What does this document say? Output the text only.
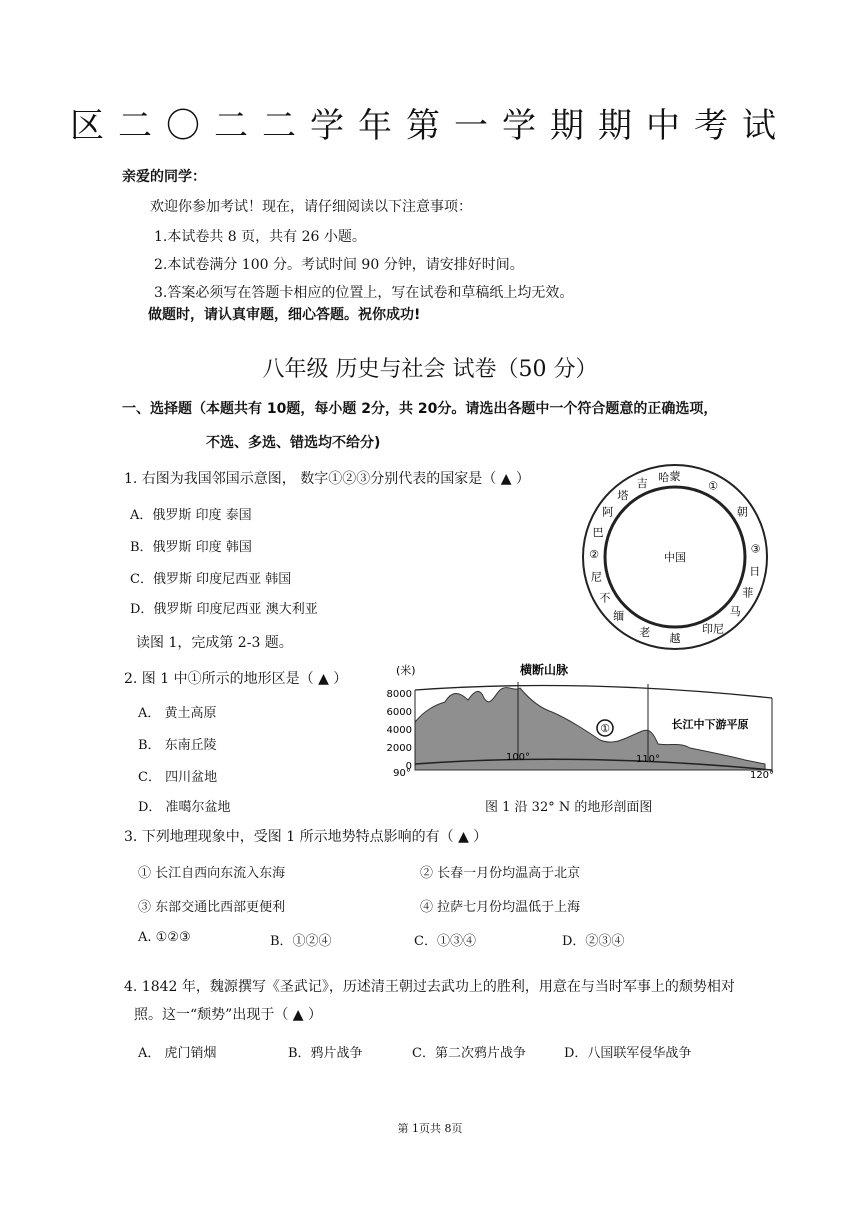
区二〇二二学年第一学期期中考试
亲爱的同学：
欢迎你参加考试！现在，请仔细阅读以下注意事项：
1.本试卷共 8 页，共有 26 小题。
2.本试卷满分 100 分。考试时间 90 分钟，请安排好时间。
3.答案必须写在答题卡相应的位置上，写在试卷和草稿纸上均无效。
做题时，请认真审题，细心答题。祝你成功!
八年级 历史与社会 试卷（50 分）
一、选择题（本题共有 10题，每小题 2分，共 20分。请选出各题中一个符合题意的正确选项，
不选、多选、错选均不给分)
1. 右图为我国邻国示意图， 数字①②③分别代表的国家是（ ▲ ）
A．俄罗斯 印度 泰国
B．俄罗斯 印度 韩国
C．俄罗斯 印度尼西亚 韩国
D．俄罗斯 印度尼西亚 澳大利亚
中国
蒙
①
朝
③
日
菲
马
印尼
越
老
缅
不
尼
②
巴
阿
塔
吉 哈
读图 1，完成第 2-3 题。
2. 图 1 中①所示的地形区是（ ▲ ）
A． 黄土高原
B． 东南丘陵
C． 四川盆地
D． 准噶尔盆地
(米)	横断山脉
①	长江中下游平原
8000
6000
4000
2000
0
90°
100°	110°
120°
图 1 沿 32° N 的地形剖面图
3. 下列地理现象中，受图 1 所示地势特点影响的有（ ▲ ）
① 长江自西向东流入东海	② 长春一月份均温高于北京
③ 东部交通比西部更便利	④ 拉萨七月份均温低于上海
A. ①②③	B．①②④	C．①③④	D．②③④
4. 1842 年，魏源撰写《圣武记》，历述清王朝过去武功上的胜利，用意在与当时军事上的颓势相对
照。这一“颓势”出现于（ ▲ ）
A． 虎门销烟	B．鸦片战争	C．第二次鸦片战争	D．八国联军侵华战争
第 1页共 8页
